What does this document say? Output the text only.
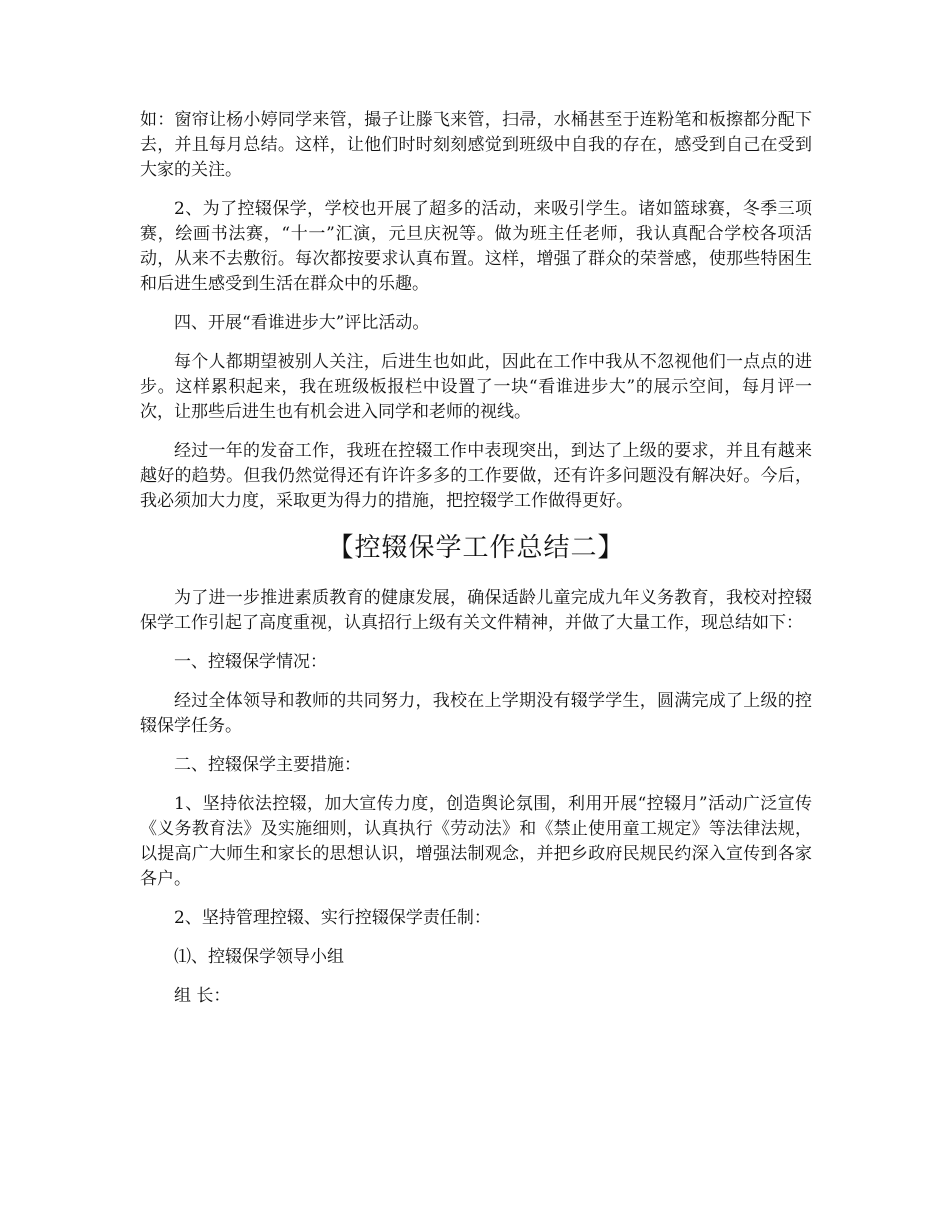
如：窗帘让杨小婷同学来管，撮子让滕飞来管，扫帚，水桶甚至于连粉笔和板擦都分配下去，并且每月总结。这样，让他们时时刻刻感觉到班级中自我的存在，感受到自己在受到大家的关注。

2、为了控辍保学，学校也开展了超多的活动，来吸引学生。诸如篮球赛，冬季三项赛，绘画书法赛，“十一”汇演，元旦庆祝等。做为班主任老师，我认真配合学校各项活动，从来不去敷衍。每次都按要求认真布置。这样，增强了群众的荣誉感，使那些特困生和后进生感受到生活在群众中的乐趣。

四、开展“看谁进步大”评比活动。

每个人都期望被别人关注，后进生也如此，因此在工作中我从不忽视他们一点点的进步。这样累积起来，我在班级板报栏中设置了一块“看谁进步大”的展示空间，每月评一次，让那些后进生也有机会进入同学和老师的视线。

经过一年的发奋工作，我班在控辍工作中表现突出，到达了上级的要求，并且有越来越好的趋势。但我仍然觉得还有许许多多的工作要做，还有许多问题没有解决好。今后，我必须加大力度，采取更为得力的措施，把控辍学工作做得更好。

【控辍保学工作总结二】

为了进一步推进素质教育的健康发展，确保适龄儿童完成九年义务教育，我校对控辍保学工作引起了高度重视，认真招行上级有关文件精神，并做了大量工作，现总结如下：

一、控辍保学情况：

经过全体领导和教师的共同努力，我校在上学期没有辍学学生，圆满完成了上级的控辍保学任务。

二、控辍保学主要措施：

1、坚持依法控辍，加大宣传力度，创造舆论氛围，利用开展“控辍月”活动广泛宣传《义务教育法》及实施细则，认真执行《劳动法》和《禁止使用童工规定》等法律法规，以提高广大师生和家长的思想认识，增强法制观念，并把乡政府民规民约深入宣传到各家各户。

2、坚持管理控辍、实行控辍保学责任制：

⑴、控辍保学领导小组

组 长：
